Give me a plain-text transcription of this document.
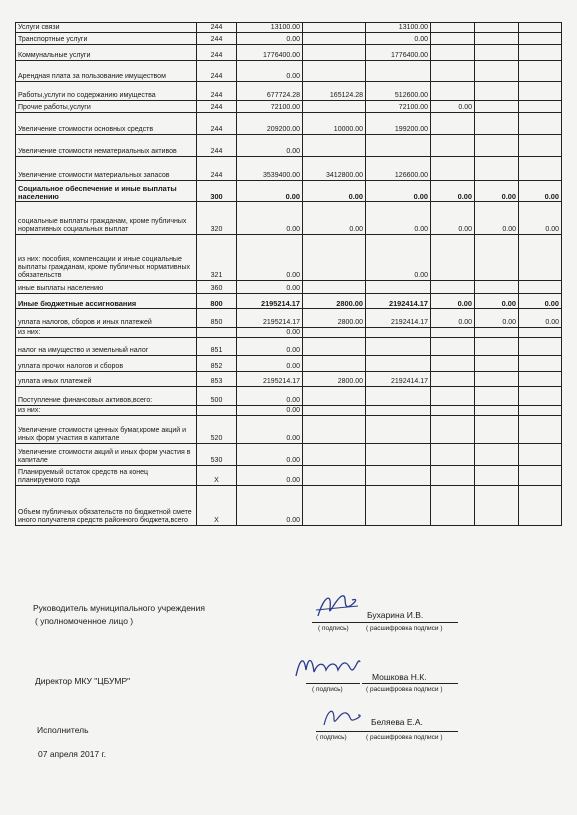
Услуги связи	244	13100.00		13100.00			
Транспортные услуги	244	0.00		0.00			
Коммунальные услуги	244	1776400.00		1776400.00			
Арендная плата за пользование имуществом	244	0.00					
Работы,услуги по содержанию имущества	244	677724.28	165124.28	512600.00			
Прочие работы,услуги	244	72100.00		72100.00	0.00		
Увеличение стоимости основных средств	244	209200.00	10000.00	199200.00			
Увеличение стоимости нематериальных активов	244	0.00					
Увеличение стоимости материальных запасов	244	3539400.00	3412800.00	126600.00			
Социальное обеспечение и иные выплаты населению	300	0.00	0.00	0.00	0.00	0.00	0.00
социальные выплаты гражданам, кроме публичных нормативных социальных выплат	320	0.00	0.00	0.00	0.00	0.00	0.00
из них: пособия, компенсации и иные социальные выплаты гражданам, кроме публичных нормативных обязательств	321	0.00		0.00			
иные выплаты населению	360	0.00					
Иные бюджетные ассигнования	800	2195214.17	2800.00	2192414.17	0.00	0.00	0.00
уплата налогов, сборов и иных платежей	850	2195214.17	2800.00	2192414.17	0.00	0.00	0.00
из них:		0.00					
налог на имущество и земельный налог	851	0.00					
уплата прочих налогов и сборов	852	0.00					
уплата иных платежей	853	2195214.17	2800.00	2192414.17			
Поступление финансовых активов,всего:	500	0.00					
из них:		0.00					
Увеличение стоимости ценных бумаг,кроме акций и иных форм участия в капитале	520	0.00					
Увеличение стоимости акций и иных форм участия в капитале	530	0.00					
Планируемый остаток средств на конец планируемого года	X	0.00					
Объем публичных обязательств по бюджетной смете иного получателя средств районного бюджета,всего	X	0.00					
Руководитель муниципального учреждения
( уполномоченное лицо )
Бухарина И.В.
( подпись)	( расшифровка подписи )
Директор МКУ "ЦБУМР"	Мошкова Н.К.
( подпись)	( расшифровка подписи )
Исполнитель
Беляева Е.А.
( подпись)	( расшифровка подписи )
07 апреля 2017 г.
